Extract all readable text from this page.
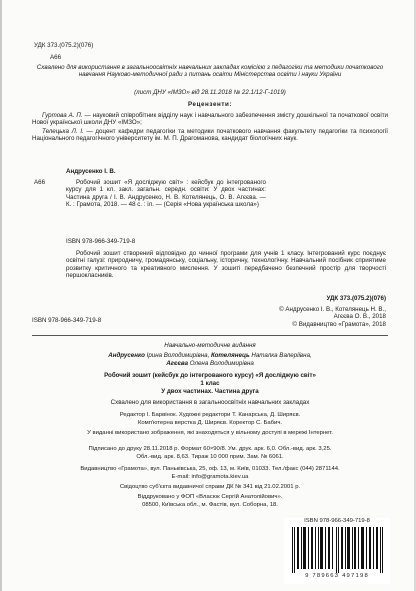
УДК 373.(075.2)(076)
А66
Схвалено для використання в загальноосвітніх навчальних закладах комісією з педагогіки та методики початкового навчання Науково-методичної ради з питань освіти Міністерства освіти і науки України
(лист ДНУ «ІМЗО» від 28.11.2018 № 22.1/12-Г-1019)
Рецензенти:
Гуртова А. П. — науковий співробітник відділу наук і навчального забезпечення змісту дошкільної та початкової освіти Нової української школи ДНУ «ІМЗО»;
Телецька Л. І. — доцент кафедри педагогіки та методики початкового навчання факультету педагогіки та психології Національного педагогічного університету ім. М. П. Драгоманова, кандидат біологічних наук.
Андрусенко І. В.
А66	Робочий зошит «Я досліджую світ» : кейсбук до інтегрованого курсу для 1 кл. закл. загальн. середн. освіти: У двох частинах: Частина друга / І. В. Андрусенко, Н. В. Котелянець, О. В. Агєєва. — К. : Грамота, 2018. — 48 с. : іл. — (Серія «Нова українська школа»)
ISBN 978-966-349-719-8
Робочий зошит створений відповідно до чинної програми для учнів 1 класу. Інтегрований курс поєднує освітні галузі: природничу, громадянську, соціальну, історичну, технологічну. Навчальний посібник сприятиме розвитку критичного та креативного мислення. У зошиті передбачено безпечний простір для творчості першокласників.
УДК 373.(075.2)(076)
ISBN 978-966-349-719-8
© Андрусенко І. В., Котелянець Н. В.,
Агєєва О. В., 2018
© Видавництво «Грамота», 2018
Навчально-методичне видання
Андрусенко Ірина Володимирівна, Котелянець Наталка Валеріївна,
Агєєва Олена Володимирівна
Робочий зошит (кейсбук до інтегрованого курсу) «Я досліджую світ»
1 клас
У двох частинах. Частина друга
Схвалено для використання в загальноосвітніх навчальних закладах
Редактор І. Барвінок. Художні редактори Т. Канарська, Д. Ширяєв.
Комп'ютерна верстка Д. Ширяєв. Коректор С. Бабич.
У виданні використано зображення, які знаходяться у вільному доступі в мережі Інтернет.
Підписано до друку 28.11.2018 р. Формат 60×90/8. Ум. друк. арк. 6,0. Обл.-вид. арк. 3,25.
Обл.-вид. арк. 8,63. Тираж 10 000 прим. Зам. № 6061.
Видавництво «Грамота», вул. Паньківська, 25, оф. 13, м. Київ, 01033. Тел./факс (044) 2871144.
E-mail: info@gramota.kiev.ua
Свідоцтво суб'єкта видавничої справи ДК № 341 від 21.02.2001 р.
Віддруковано у ФОП «Власюк Сергій Анатолійович».
08500, Київська обл., м. Фастів, вул. Соборна, 18.
ISBN 978-966-349-719-8
9 789663 497198
